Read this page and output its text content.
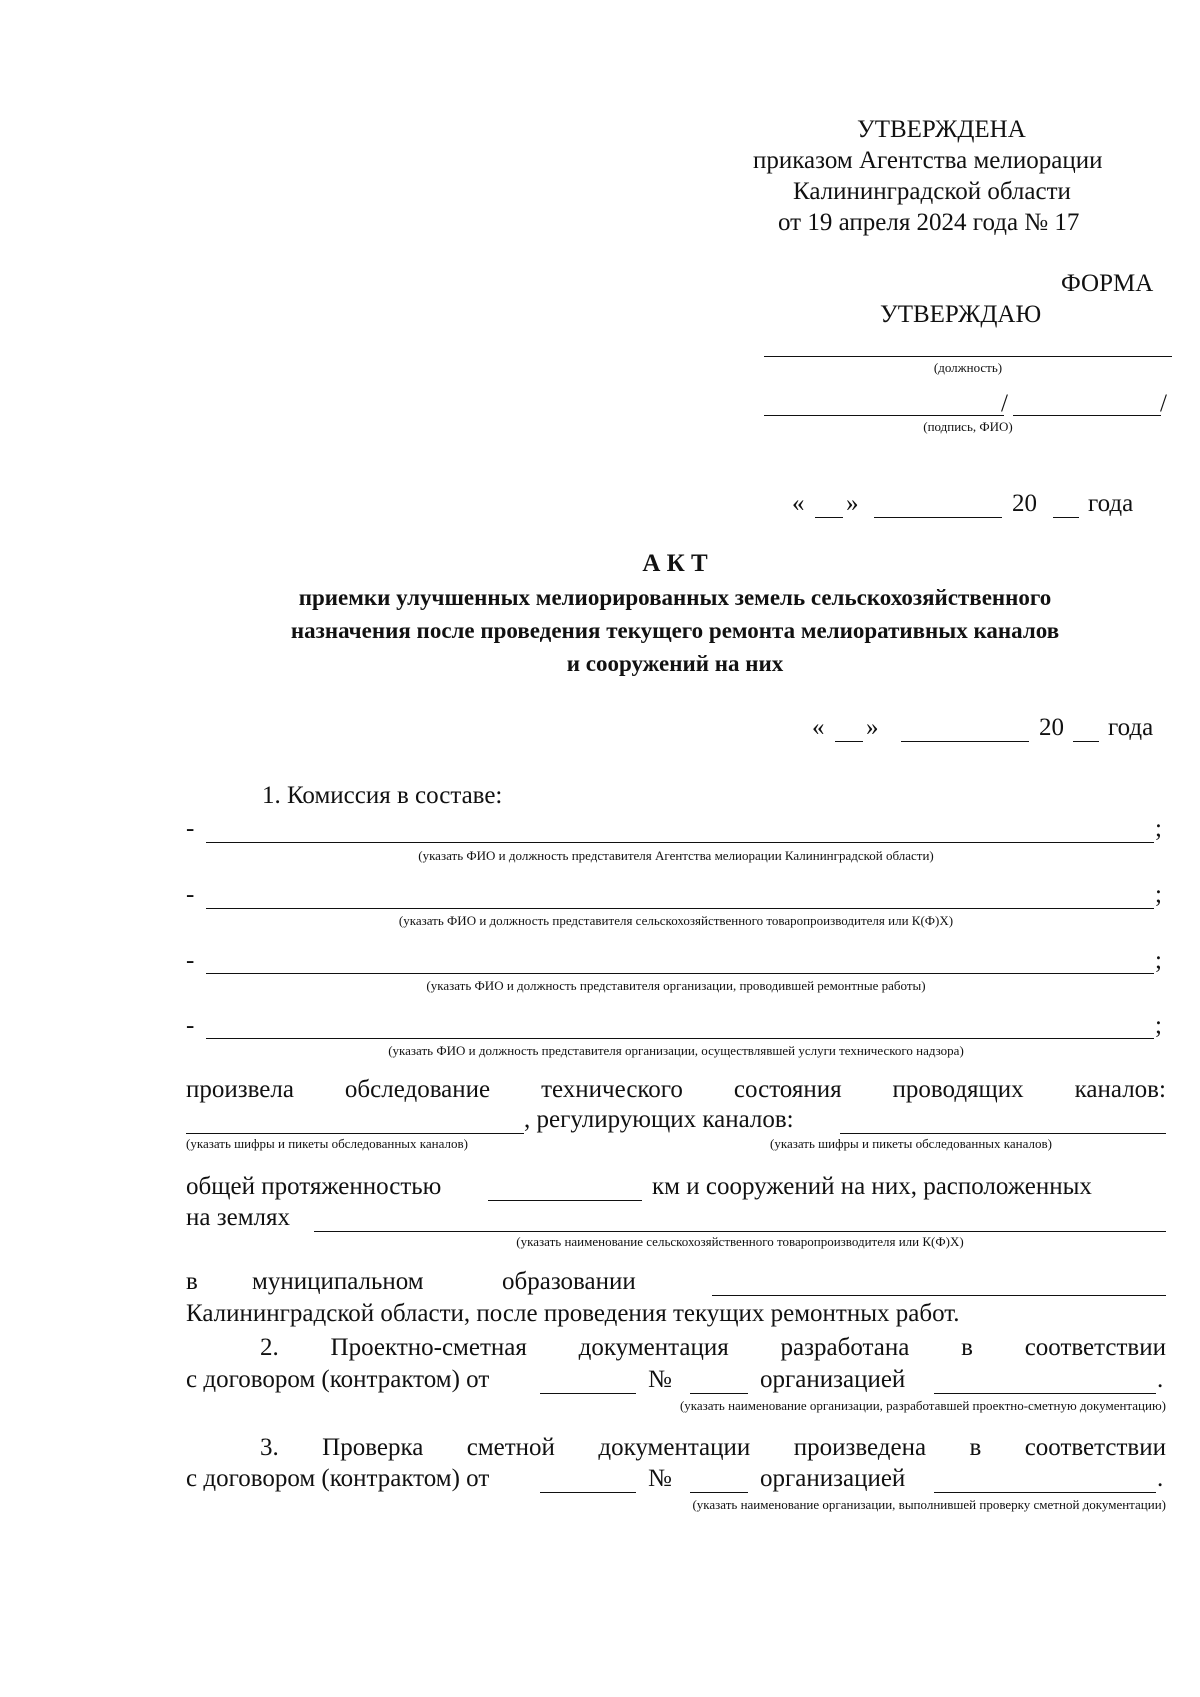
УТВЕРЖДЕНА
приказом Агентства мелиорации
Калининградской области
от 19 апреля 2024 года № 17
ФОРМА
УТВЕРЖДАЮ
(должность)
/	/
(подпись, ФИО)
« »	20 года
А К Т
приемки улучшенных мелиорированных земель сельскохозяйственного
назначения после проведения текущего ремонта мелиоративных каналов
и сооружений на них
« »	20 года
1. Комиссия в составе:
-	;
(указать ФИО и должность представителя Агентства мелиорации Калининградской области)
-	;
(указать ФИО и должность представителя сельскохозяйственного товаропроизводителя или К(Ф)Х)
-	;
(указать ФИО и должность представителя организации, проводившей ремонтные работы)
-	;
(указать ФИО и должность представителя организации, осуществлявшей услуги технического надзора)
произвела обследование технического состояния проводящих каналов:
, регулирующих каналов:
(указать шифры и пикеты обследованных каналов)	(указать шифры и пикеты обследованных каналов)
общей протяженностью	км и сооружений на них, расположенных
на землях
(указать наименование сельскохозяйственного товаропроизводителя или К(Ф)Х)
в муниципальном	образовании
Калининградской области, после проведения текущих ремонтных работ.
2. Проектно-сметная документация разработана в соответствии
с договором (контрактом) от	№	организацией	.
(указать наименование организации, разработавшей проектно-сметную документацию)
3. Проверка сметной документации произведена в соответствии
с договором (контрактом) от	№	организацией	.
(указать наименование организации, выполнившей проверку сметной документации)
